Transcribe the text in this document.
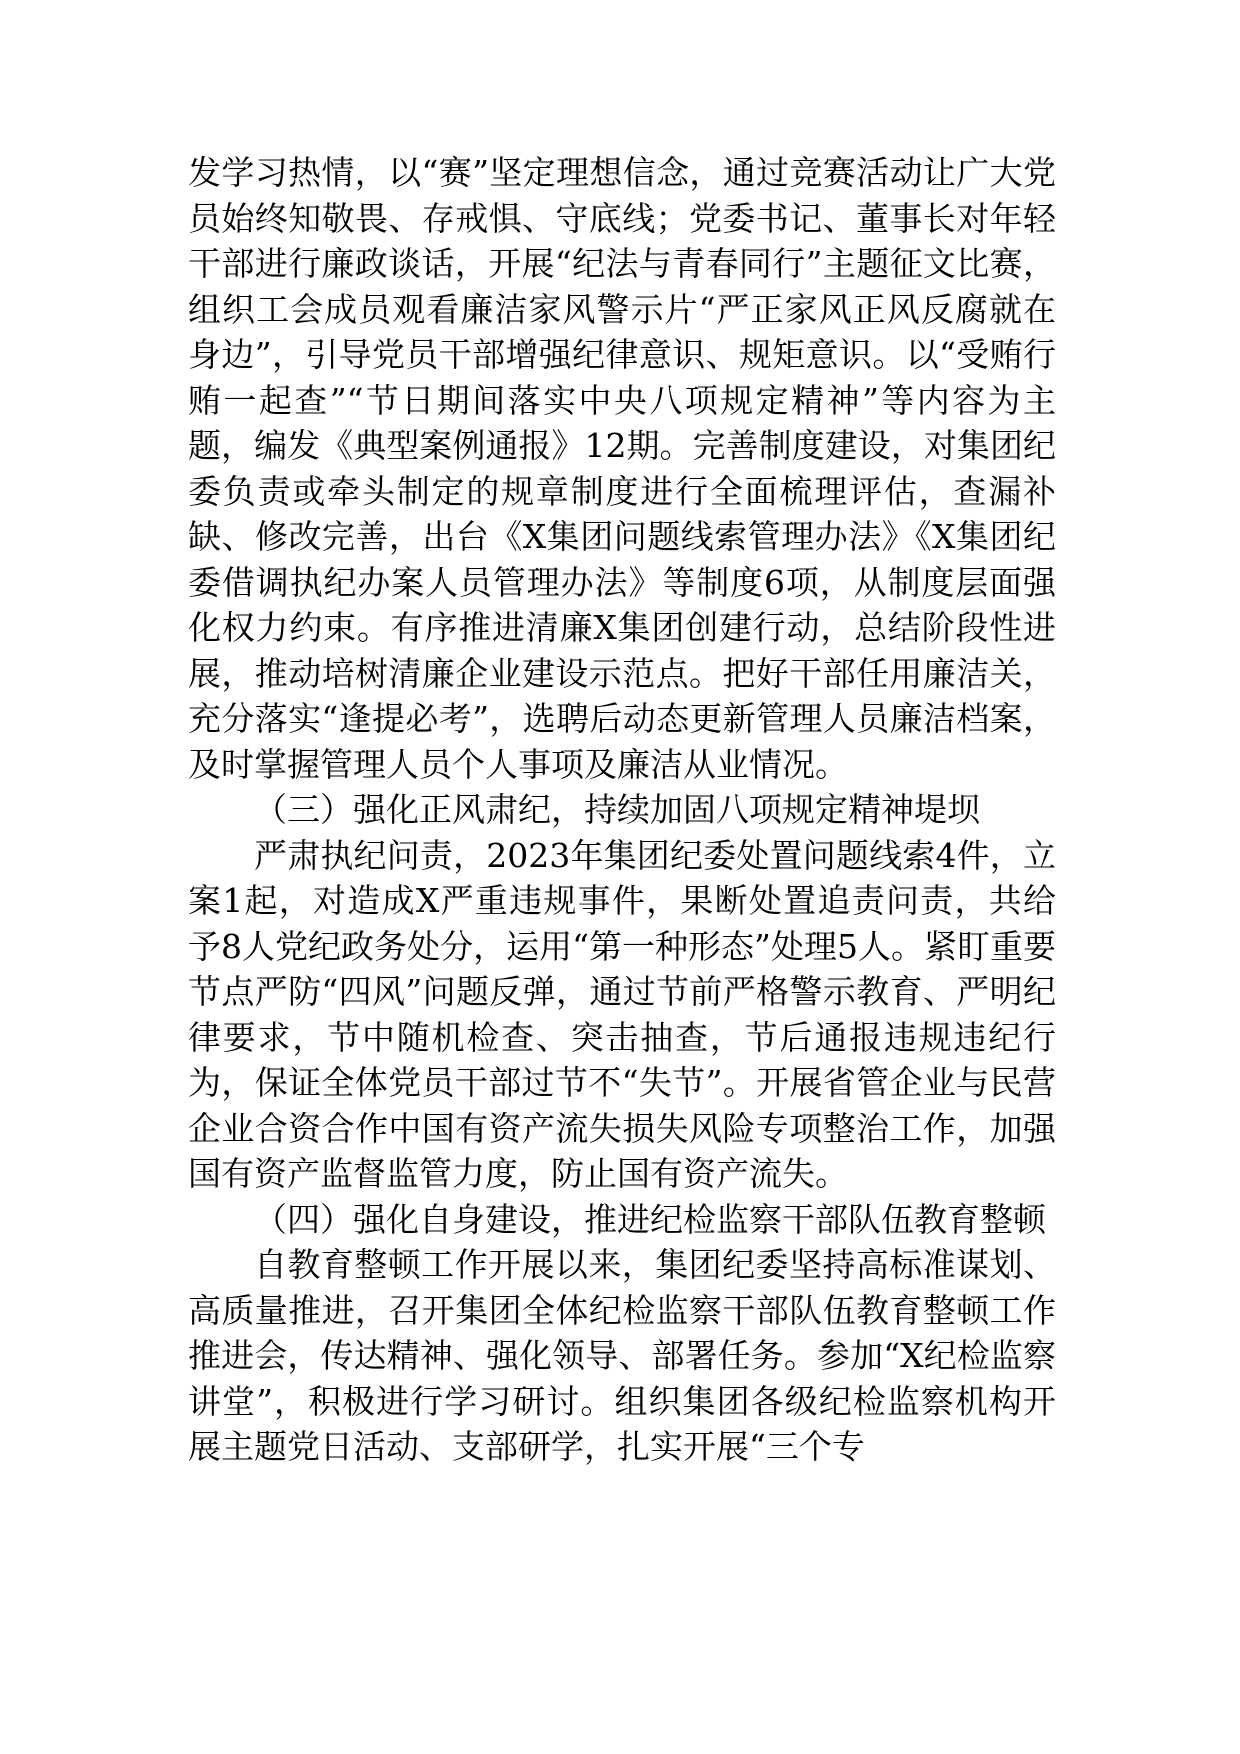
发学习热情，以“赛”坚定理想信念，通过竞赛活动让广大党员始终知敬畏、存戒惧、守底线；党委书记、董事长对年轻干部进行廉政谈话，开展“纪法与青春同行”主题征文比赛，组织工会成员观看廉洁家风警示片“严正家风正风反腐就在身边”，引导党员干部增强纪律意识、规矩意识。以“受贿行贿一起查”“节日期间落实中央八项规定精神”等内容为主题，编发《典型案例通报》12期。完善制度建设，对集团纪委负责或牵头制定的规章制度进行全面梳理评估，查漏补缺、修改完善，出台《X集团问题线索管理办法》《X集团纪委借调执纪办案人员管理办法》等制度6项，从制度层面强化权力约束。有序推进清廉X集团创建行动，总结阶段性进展，推动培树清廉企业建设示范点。把好干部任用廉洁关，充分落实“逢提必考”，选聘后动态更新管理人员廉洁档案，及时掌握管理人员个人事项及廉洁从业情况。

（三）强化正风肃纪，持续加固八项规定精神堤坝

严肃执纪问责，2023年集团纪委处置问题线索4件，立案1起，对造成X严重违规事件，果断处置追责问责，共给予8人党纪政务处分，运用“第一种形态”处理5人。紧盯重要节点严防“四风”问题反弹，通过节前严格警示教育、严明纪律要求，节中随机检查、突击抽查，节后通报违规违纪行为，保证全体党员干部过节不“失节”。开展省管企业与民营企业合资合作中国有资产流失损失风险专项整治工作，加强国有资产监督监管力度，防止国有资产流失。

（四）强化自身建设，推进纪检监察干部队伍教育整顿

自教育整顿工作开展以来，集团纪委坚持高标准谋划、高质量推进，召开集团全体纪检监察干部队伍教育整顿工作推进会，传达精神、强化领导、部署任务。参加“X纪检监察讲堂”，积极进行学习研讨。组织集团各级纪检监察机构开展主题党日活动、支部研学，扎实开展“三个专
